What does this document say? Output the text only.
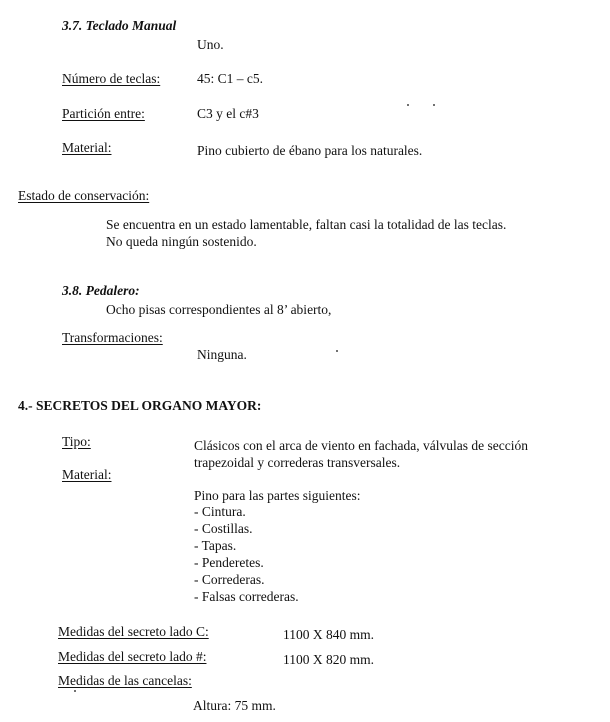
3.7. Teclado Manual
Uno.
Número de teclas:	45: C1 – c5.
Partición entre:	C3 y el c#3
Material:	Pino cubierto de ébano para los naturales.
Estado de conservación:
Se encuentra en un estado lamentable, faltan casi la totalidad de las teclas.
No queda ningún sostenido.
3.8. Pedalero:
Ocho pisas correspondientes al 8’ abierto,
Transformaciones:
Ninguna.
4.- SECRETOS DEL ORGANO MAYOR:
Tipo:	Clásicos con el arca de viento en fachada, válvulas de sección
trapezoidal y correderas transversales.
Material:
Pino para las partes siguientes:
- Cintura.
- Costillas.
- Tapas.
- Penderetes.
- Correderas.
- Falsas correderas.
Medidas del secreto lado C:	1100 X 840 mm.
Medidas del secreto lado #:	1100 X 820 mm.
Medidas de las cancelas:
Altura: 75 mm.
